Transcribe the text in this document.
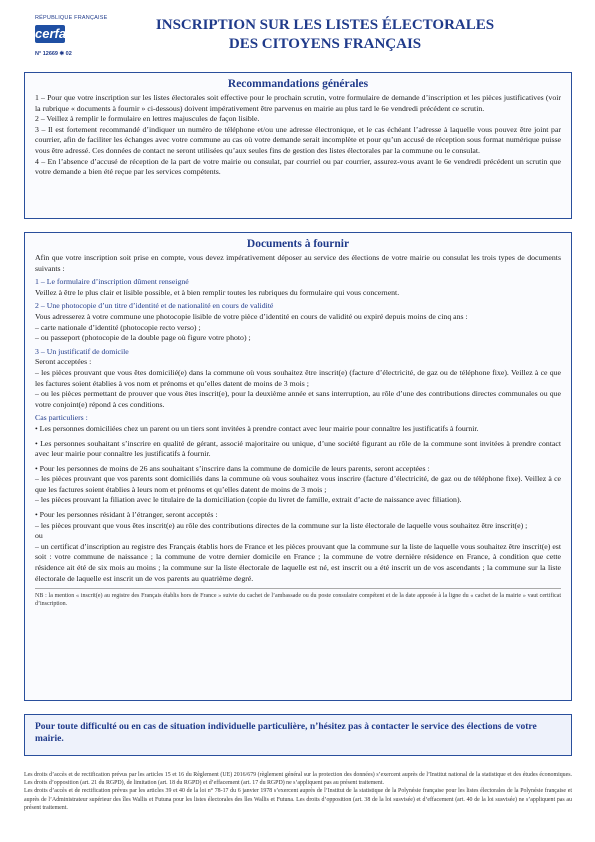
RÉPUBLIQUE FRANÇAISE
cerfa
N° 12669 ✱ 02
INSCRIPTION SUR LES LISTES ÉLECTORALES
DES CITOYENS FRANÇAIS
Recommandations générales

1 – Pour que votre inscription sur les listes électorales soit effective pour le prochain scrutin, votre formulaire de demande d’inscription et les pièces justificatives (voir la rubrique « documents à fournir » ci-dessous) doivent impérativement être parvenus en mairie au plus tard le 6e vendredi précédent ce scrutin.

2 – Veillez à remplir le formulaire en lettres majuscules de façon lisible.

3 – Il est fortement recommandé d’indiquer un numéro de téléphone et/ou une adresse électronique, et le cas échéant l’adresse à laquelle vous pouvez être joint par courrier, afin de faciliter les échanges avec votre commune au cas où votre demande serait incomplète et pour qu’un accusé de réception sous format numérique puisse vous être adressé. Ces données de contact ne seront utilisées qu’aux seules fins de gestion des listes électorales par la commune ou le consulat.

4 – En l’absence d’accusé de réception de la part de votre mairie ou consulat, par courriel ou par courrier, assurez-vous avant le 6e vendredi précédent un scrutin que votre demande a bien été reçue par les services compétents.

Documents à fournir

Afin que votre inscription soit prise en compte, vous devez impérativement déposer au service des élections de votre mairie ou consulat les trois types de documents suivants :

1 – Le formulaire d’inscription dûment renseigné

Veillez à être le plus clair et lisible possible, et à bien remplir toutes les rubriques du formulaire qui vous concernent.

2 – Une photocopie d’un titre d’identité et de nationalité en cours de validité

Vous adresserez à votre commune une photocopie lisible de votre pièce d’identité en cours de validité ou expiré depuis moins de cinq ans :

– carte nationale d’identité (photocopie recto verso) ;

– ou passeport (photocopie de la double page où figure votre photo) ;

3 – Un justificatif de domicile

Seront acceptées :

– les pièces prouvant que vous êtes domicilié(e) dans la commune où vous souhaitez être inscrit(e) (facture d’électricité, de gaz ou de téléphone fixe). Veillez à ce que les factures soient établies à vos nom et prénoms et qu’elles datent de moins de 3 mois ;

– ou les pièces permettant de prouver que vous êtes inscrit(e), pour la deuxième année et sans interruption, au rôle d’une des contributions directes communales ou que votre conjoint(e) répond à ces conditions.

Cas particuliers :

• Les personnes domiciliées chez un parent ou un tiers sont invitées à prendre contact avec leur mairie pour connaître les justificatifs à fournir.

• Les personnes souhaitant s’inscrire en qualité de gérant, associé majoritaire ou unique, d’une société figurant au rôle de la commune sont invitées à prendre contact avec leur mairie pour connaître les justificatifs à fournir.

• Pour les personnes de moins de 26 ans souhaitant s’inscrire dans la commune de domicile de leurs parents, seront acceptées :

– les pièces prouvant que vos parents sont domiciliés dans la commune où vous souhaitez vous inscrire (facture d’électricité, de gaz ou de téléphone fixe). Veillez à ce que les factures soient établies à leurs nom et prénoms et qu’elles datent de moins de 3 mois ;

– les pièces prouvant la filiation avec le titulaire de la domiciliation (copie du livret de famille, extrait d’acte de naissance avec filiation).

• Pour les personnes résidant à l’étranger, seront acceptés :

– les pièces prouvant que vous êtes inscrit(e) au rôle des contributions directes de la commune sur la liste électorale de laquelle vous souhaitez être inscrit(e) ;

ou

– un certificat d’inscription au registre des Français établis hors de France et les pièces prouvant que la commune sur la liste de laquelle vous souhaitez être inscrit(e) est soit : votre commune de naissance ; la commune de votre dernier domicile en France ; la commune de votre dernière résidence en France, à condition que cette résidence ait été de six mois au moins ; la commune sur la liste électorale de laquelle est né, est inscrit ou a été inscrit un de vos ascendants ; la commune sur la liste électorale de laquelle est inscrit un de vos parents au quatrième degré.

NB : la mention « inscrit(e) au registre des Français établis hors de France » suivie du cachet de l’ambassade ou du poste consulaire compétent et de la date apposée à la ligne du « cachet de la mairie » vaut certificat d’inscription.

Pour toute difficulté ou en cas de situation individuelle particulière, n’hésitez pas à contacter le service des élections de votre mairie.

Les droits d’accès et de rectification prévus par les articles 15 et 16 du Règlement (UE) 2016/679 (règlement général sur la protection des données) s’exercent auprès de l’Institut national de la statistique et des études économiques. Les droits d’opposition (art. 21 du RGPD), de limitation (art. 18 du RGPD) et d’effacement (art. 17 du RGPD) ne s’appliquent pas au présent traitement.

Les droits d’accès et de rectification prévus par les articles 39 et 40 de la loi n° 78-17 du 6 janvier 1978 s’exercent auprès de l’Institut de la statistique de la Polynésie française pour les listes électorales de la Polynésie française et auprès de l’Administrateur supérieur des îles Wallis et Futuna pour les listes électorales des îles Wallis et Futuna. Les droits d’opposition (art. 38 de la loi susvisée) et d’effacement (art. 40 de la loi susvisée) ne s’appliquent pas au présent traitement.
